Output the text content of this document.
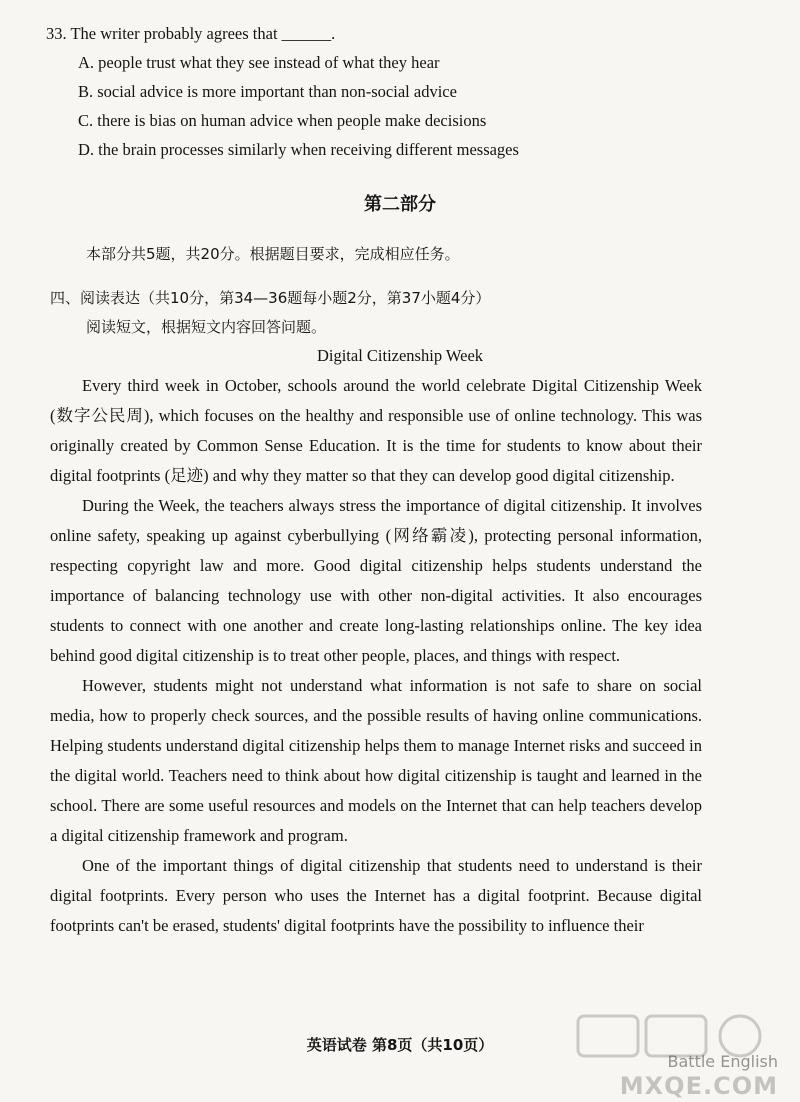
33. The writer probably agrees that ______.
A. people trust what they see instead of what they hear
B. social advice is more important than non-social advice
C. there is bias on human advice when people make decisions
D. the brain processes similarly when receiving different messages
第二部分
本部分共5题，共20分。根据题目要求，完成相应任务。
四、阅读表达（共10分，第34—36题每小题2分，第37小题4分）
阅读短文，根据短文内容回答问题。
Digital Citizenship Week

Every third week in October, schools around the world celebrate Digital Citizenship Week (数字公民周), which focuses on the healthy and responsible use of online technology. This was originally created by Common Sense Education. It is the time for students to know about their digital footprints (足迹) and why they matter so that they can develop good digital citizenship.

During the Week, the teachers always stress the importance of digital citizenship. It involves online safety, speaking up against cyberbullying (网络霸凌), protecting personal information, respecting copyright law and more. Good digital citizenship helps students understand the importance of balancing technology use with other non-digital activities. It also encourages students to connect with one another and create long-lasting relationships online. The key idea behind good digital citizenship is to treat other people, places, and things with respect.

However, students might not understand what information is not safe to share on social media, how to properly check sources, and the possible results of having online communications. Helping students understand digital citizenship helps them to manage Internet risks and succeed in the digital world. Teachers need to think about how digital citizenship is taught and learned in the school. There are some useful resources and models on the Internet that can help teachers develop a digital citizenship framework and program.

One of the important things of digital citizenship that students need to understand is their digital footprints. Every person who uses the Internet has a digital footprint. Because digital footprints can't be erased, students' digital footprints have the possibility to influence their

英语试卷 第8页（共10页）
Battle English
MXQE.COM
